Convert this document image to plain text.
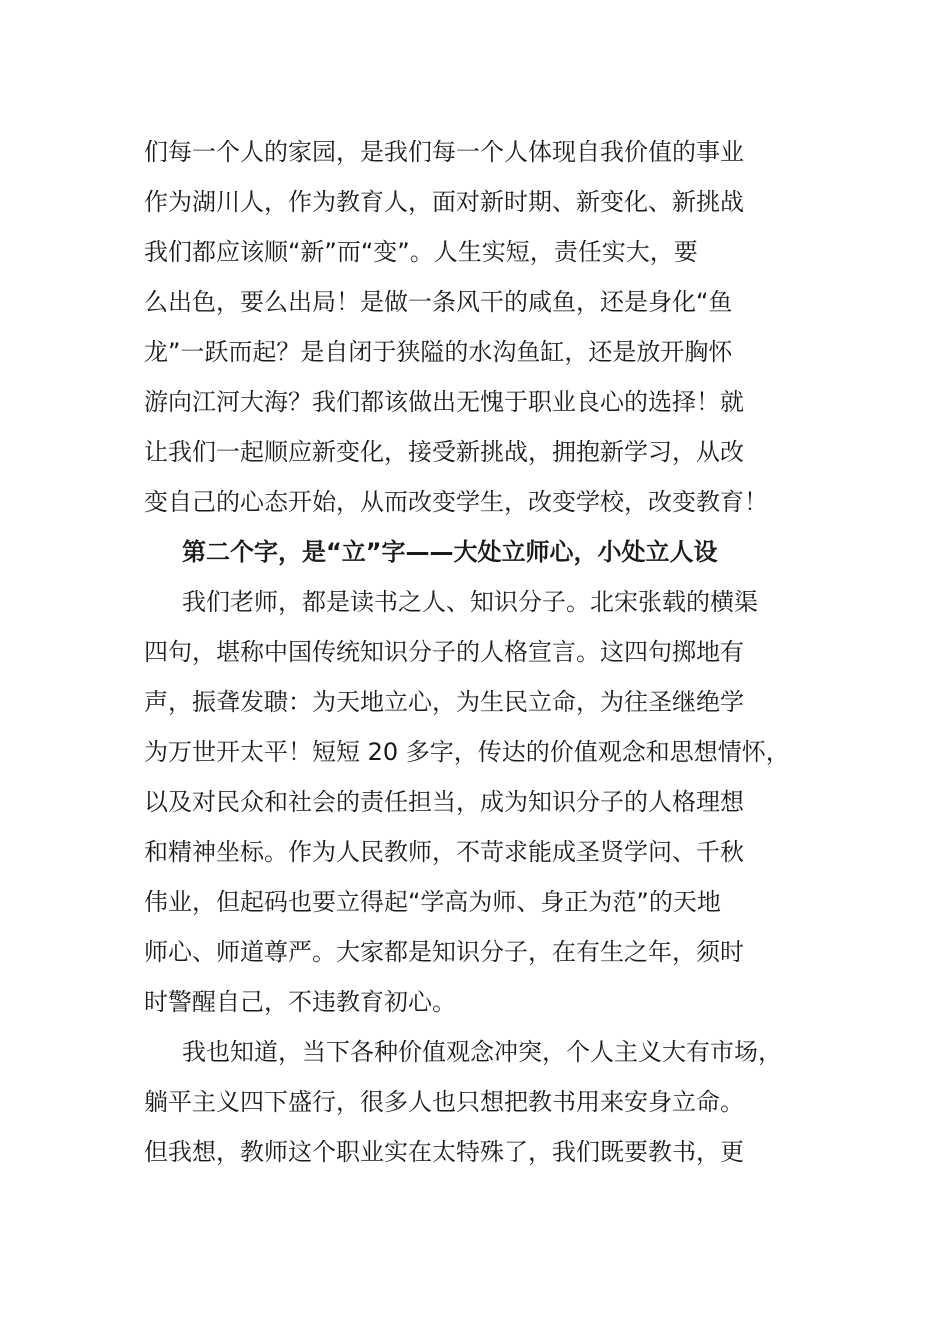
们每一个人的家园，是我们每一个人体现自我价值的事业
作为湖川人，作为教育人，面对新时期、新变化、新挑战
我们都应该顺“新”而“变”。人生实短，责任实大，要
么出色，要么出局！是做一条风干的咸鱼，还是身化“鱼
龙”一跃而起？是自闭于狭隘的水沟鱼缸，还是放开胸怀
游向江河大海？我们都该做出无愧于职业良心的选择！就
让我们一起顺应新变化，接受新挑战，拥抱新学习，从改
变自己的心态开始，从而改变学生，改变学校，改变教育！
第二个字，是“立”字——大处立师心，小处立人设
我们老师，都是读书之人、知识分子。北宋张载的横渠
四句，堪称中国传统知识分子的人格宣言。这四句掷地有
声，振聋发聩：为天地立心，为生民立命，为往圣继绝学
为万世开太平！短短 20 多字，传达的价值观念和思想情怀，
以及对民众和社会的责任担当，成为知识分子的人格理想
和精神坐标。作为人民教师，不苛求能成圣贤学问、千秋
伟业，但起码也要立得起“学高为师、身正为范”的天地
师心、师道尊严。大家都是知识分子，在有生之年，须时
时警醒自己，不违教育初心。
我也知道，当下各种价值观念冲突，个人主义大有市场，
躺平主义四下盛行，很多人也只想把教书用来安身立命。
但我想，教师这个职业实在太特殊了，我们既要教书，更
